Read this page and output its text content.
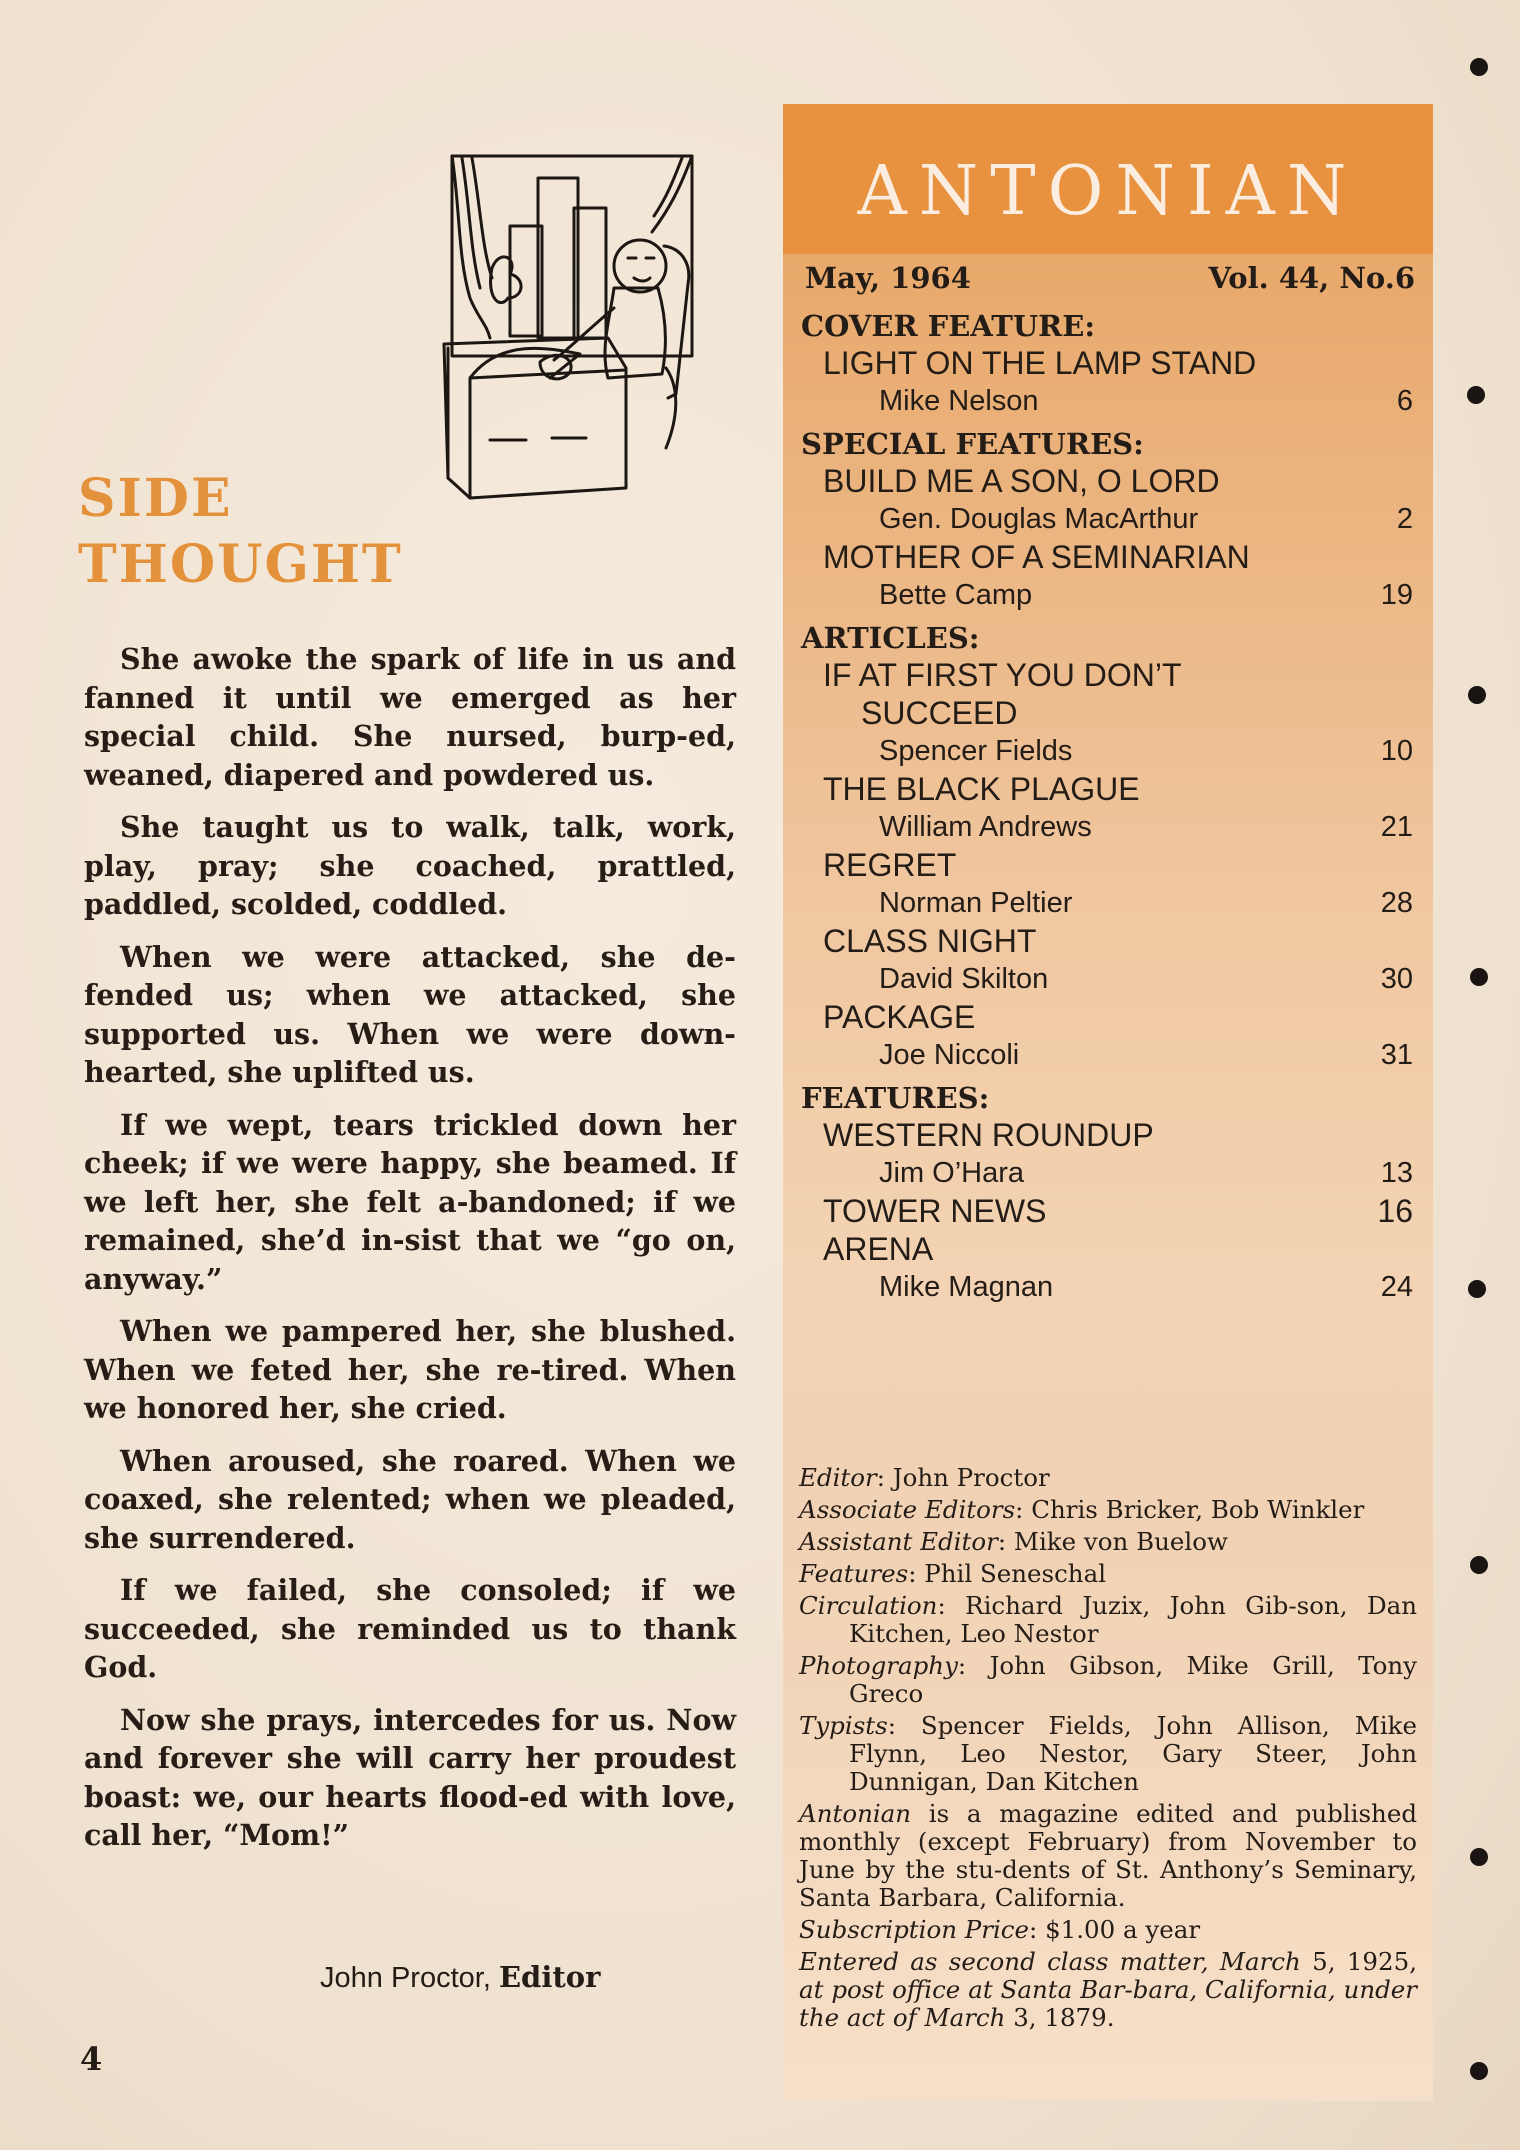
SIDE
THOUGHT

She awoke the spark of life in us and fanned it until we emerged as her special child. She nursed, burp-ed, weaned, diapered and powdered us.

She taught us to walk, talk, work, play, pray; she coached, prattled, paddled, scolded, coddled.

When we were attacked, she de-fended us; when we attacked, she supported us. When we were down-hearted, she uplifted us.

If we wept, tears trickled down her cheek; if we were happy, she beamed. If we left her, she felt a-bandoned; if we remained, she’d in-sist that we “go on, anyway.”

When we pampered her, she blushed. When we feted her, she re-tired. When we honored her, she cried.

When aroused, she roared. When we coaxed, she relented; when we pleaded, she surrendered.

If we failed, she consoled; if we succeeded, she reminded us to thank God.

Now she prays, intercedes for us. Now and forever she will carry her proudest boast: we, our hearts flood-ed with love, call her, “Mom!”

John Proctor, Editor
4
ANTONIAN
May, 1964	Vol. 44, No.6
COVER FEATURE:
LIGHT ON THE LAMP STAND
Mike Nelson	6
SPECIAL FEATURES:
BUILD ME A SON, O LORD
Gen. Douglas MacArthur	2
MOTHER OF A SEMINARIAN
Bette Camp	19
ARTICLES:
IF AT FIRST YOU DON’T
SUCCEED
Spencer Fields	10
THE BLACK PLAGUE
William Andrews	21
REGRET
Norman Peltier	28
CLASS NIGHT
David Skilton	30
PACKAGE
Joe Niccoli	31
FEATURES:
WESTERN ROUNDUP
Jim O’Hara	13
TOWER NEWS	16
ARENA
Mike Magnan	24
Editor: John Proctor
Associate Editors: Chris Bricker, Bob Winkler
Assistant Editor: Mike von Buelow
Features: Phil Seneschal
Circulation: Richard Juzix, John Gib-son, Dan Kitchen, Leo Nestor
Photography: John Gibson, Mike Grill, Tony Greco
Typists: Spencer Fields, John Allison, Mike Flynn, Leo Nestor, Gary Steer, John Dunnigan, Dan Kitchen
Antonian is a magazine edited and published monthly (except February) from November to June by the stu-dents of St. Anthony’s Seminary, Santa Barbara, California.
Subscription Price: $1.00 a year
Entered as second class matter, March 5, 1925, at post office at Santa Bar-bara, California, under the act of March 3, 1879.
